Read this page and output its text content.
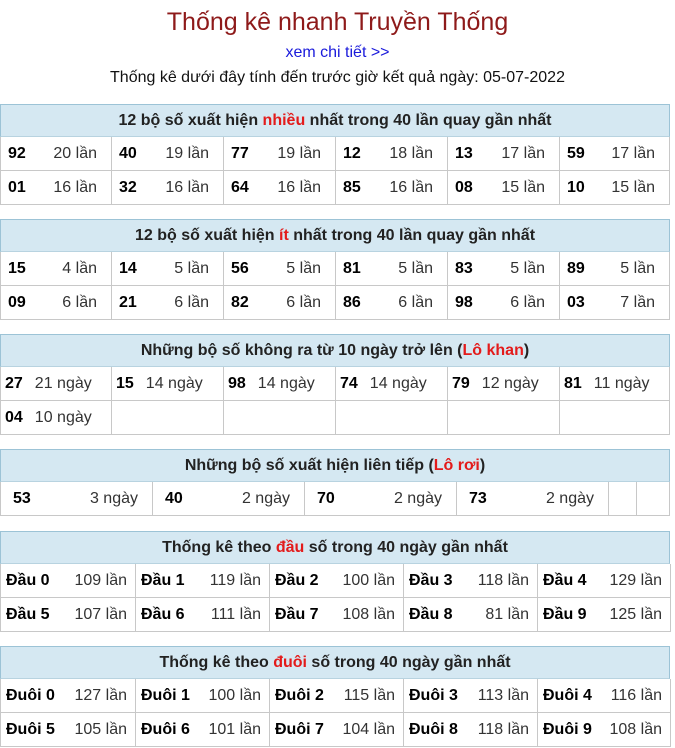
Thống kê nhanh Truyền Thống
xem chi tiết >>
Thống kê dưới đây tính đến trước giờ kết quả ngày: 05-07-2022
12 bộ số xuất hiện nhiều nhất trong 40 lần quay gần nhất
92 20 lần	40 19 lần	77 19 lần	12 18 lần	13 17 lần	59 17 lần
01 16 lần	32 16 lần	64 16 lần	85 16 lần	08 15 lần	10 15 lần
12 bộ số xuất hiện ít nhất trong 40 lần quay gần nhất
15 4 lần	14 5 lần	56 5 lần	81 5 lần	83 5 lần	89 5 lần
09 6 lần	21 6 lần	82 6 lần	86 6 lần	98 6 lần	03 7 lần
Những bộ số không ra từ 10 ngày trở lên (Lô khan)
27 21 ngày	15 14 ngày	98 14 ngày	74 14 ngày	79 12 ngày	81 11 ngày
04 10 ngày
Những bộ số xuất hiện liên tiếp (Lô rơi)
53	3 ngày	40	2 ngày	70	2 ngày	73	2 ngày
Thống kê theo đầu số trong 40 ngày gần nhất
Đầu 0 109 lần Đầu 1 119 lần Đầu 2 100 lần Đầu 3 118 lần Đầu 4 129 lần
Đầu 5 107 lần Đầu 6 111 lần Đầu 7 108 lần Đầu 8 81 lần Đầu 9 125 lần
Thống kê theo đuôi số trong 40 ngày gần nhất
Đuôi 0 127 lần Đuôi 1 100 lần Đuôi 2 115 lần Đuôi 3 113 lần Đuôi 4 116 lần
Đuôi 5 105 lần Đuôi 6 101 lần Đuôi 7 104 lần Đuôi 8 118 lần Đuôi 9 108 lần
